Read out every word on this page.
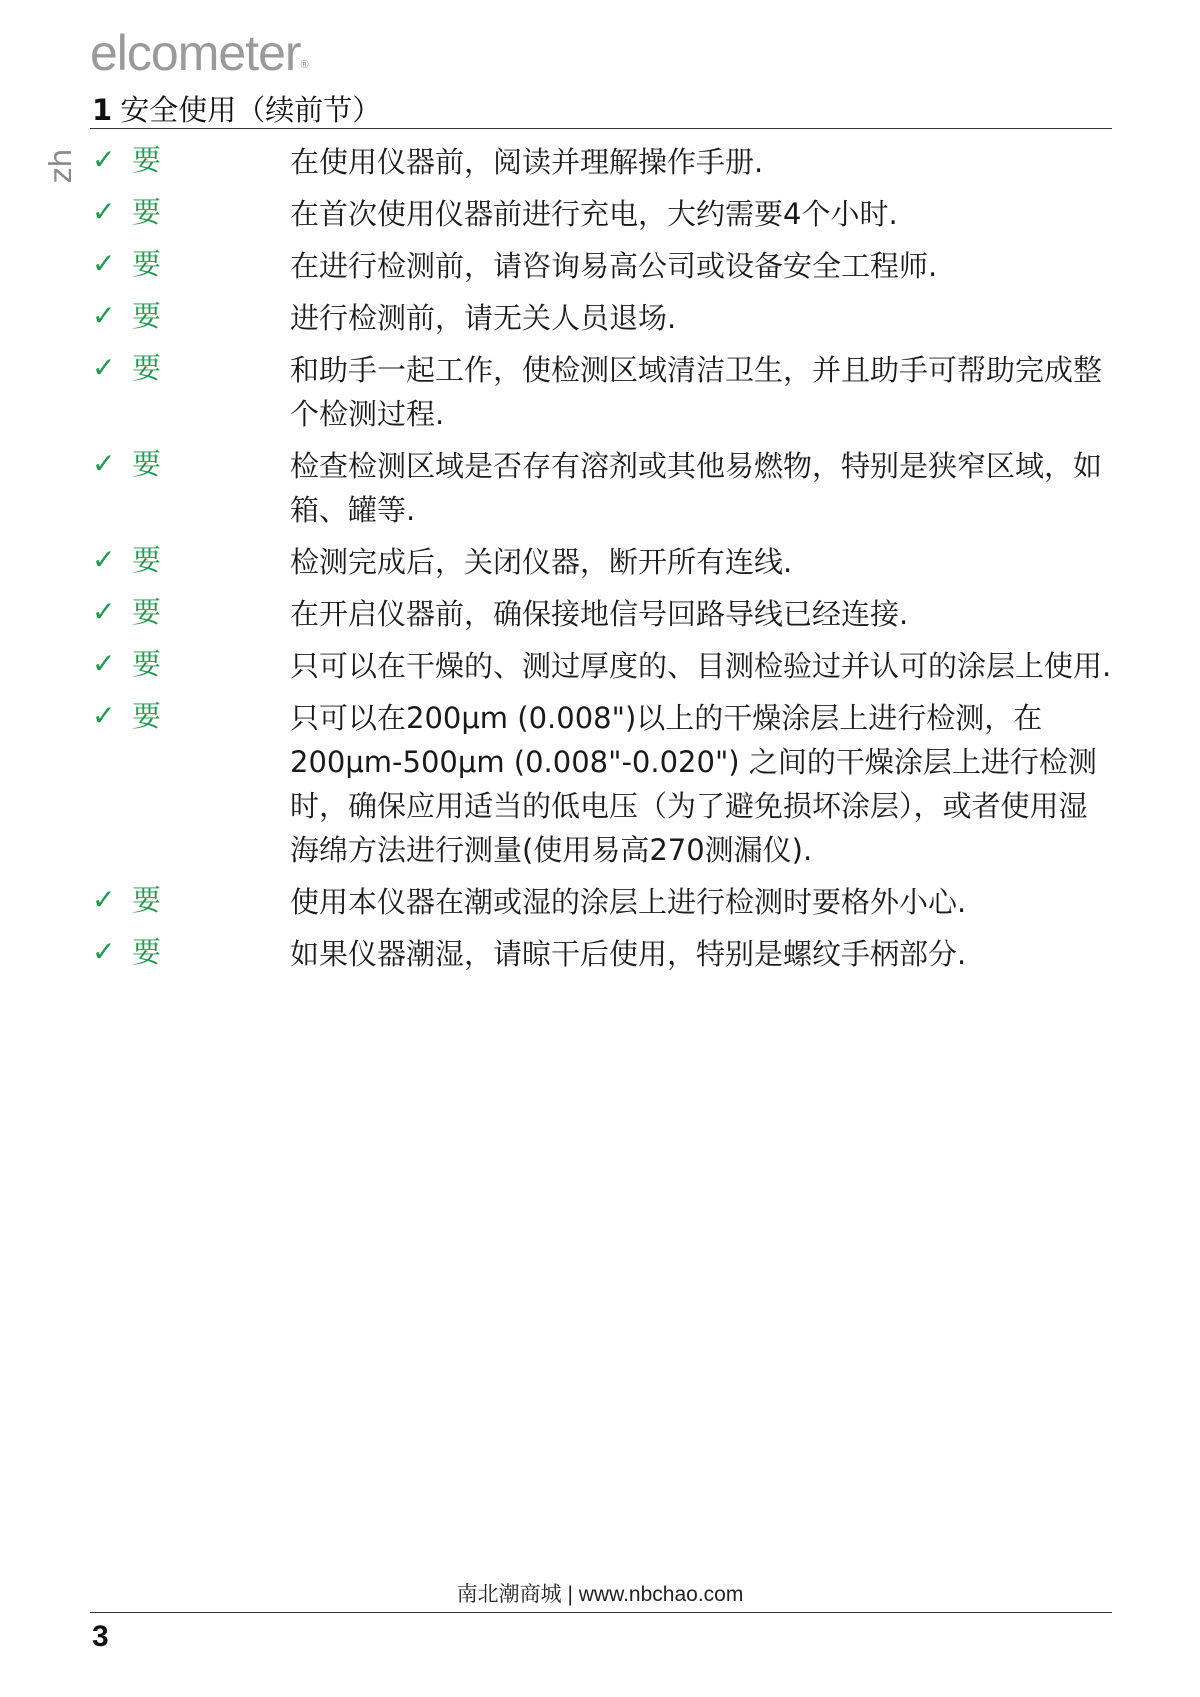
elcometer®
1 安全使用（续前节）
zh ✓ 要	在使用仪器前，阅读并理解操作手册.
✓ 要	在首次使用仪器前进行充电，大约需要4个小时.
✓ 要	在进行检测前，请咨询易高公司或设备安全工程师.
✓ 要	进行检测前，请无关人员退场.
✓ 要	和助手一起工作，使检测区域清洁卫生，并且助手可帮助完成整个检测过程.
✓ 要	检查检测区域是否存有溶剂或其他易燃物，特别是狭窄区域，如箱、罐等.
✓ 要	检测完成后，关闭仪器，断开所有连线.
✓ 要	在开启仪器前，确保接地信号回路导线已经连接.
✓ 要	只可以在干燥的、测过厚度的、目测检验过并认可的涂层上使用.
✓ 要	只可以在200μm (0.008")以上的干燥涂层上进行检测，在200μm-500μm (0.008"-0.020") 之间的干燥涂层上进行检测时，确保应用适当的低电压（为了避免损坏涂层），或者使用湿海绵方法进行测量(使用易高270测漏仪).
✓ 要	使用本仪器在潮或湿的涂层上进行检测时要格外小心.
✓ 要	如果仪器潮湿，请晾干后使用，特别是螺纹手柄部分.
南北潮商城 | www.nbchao.com
3
